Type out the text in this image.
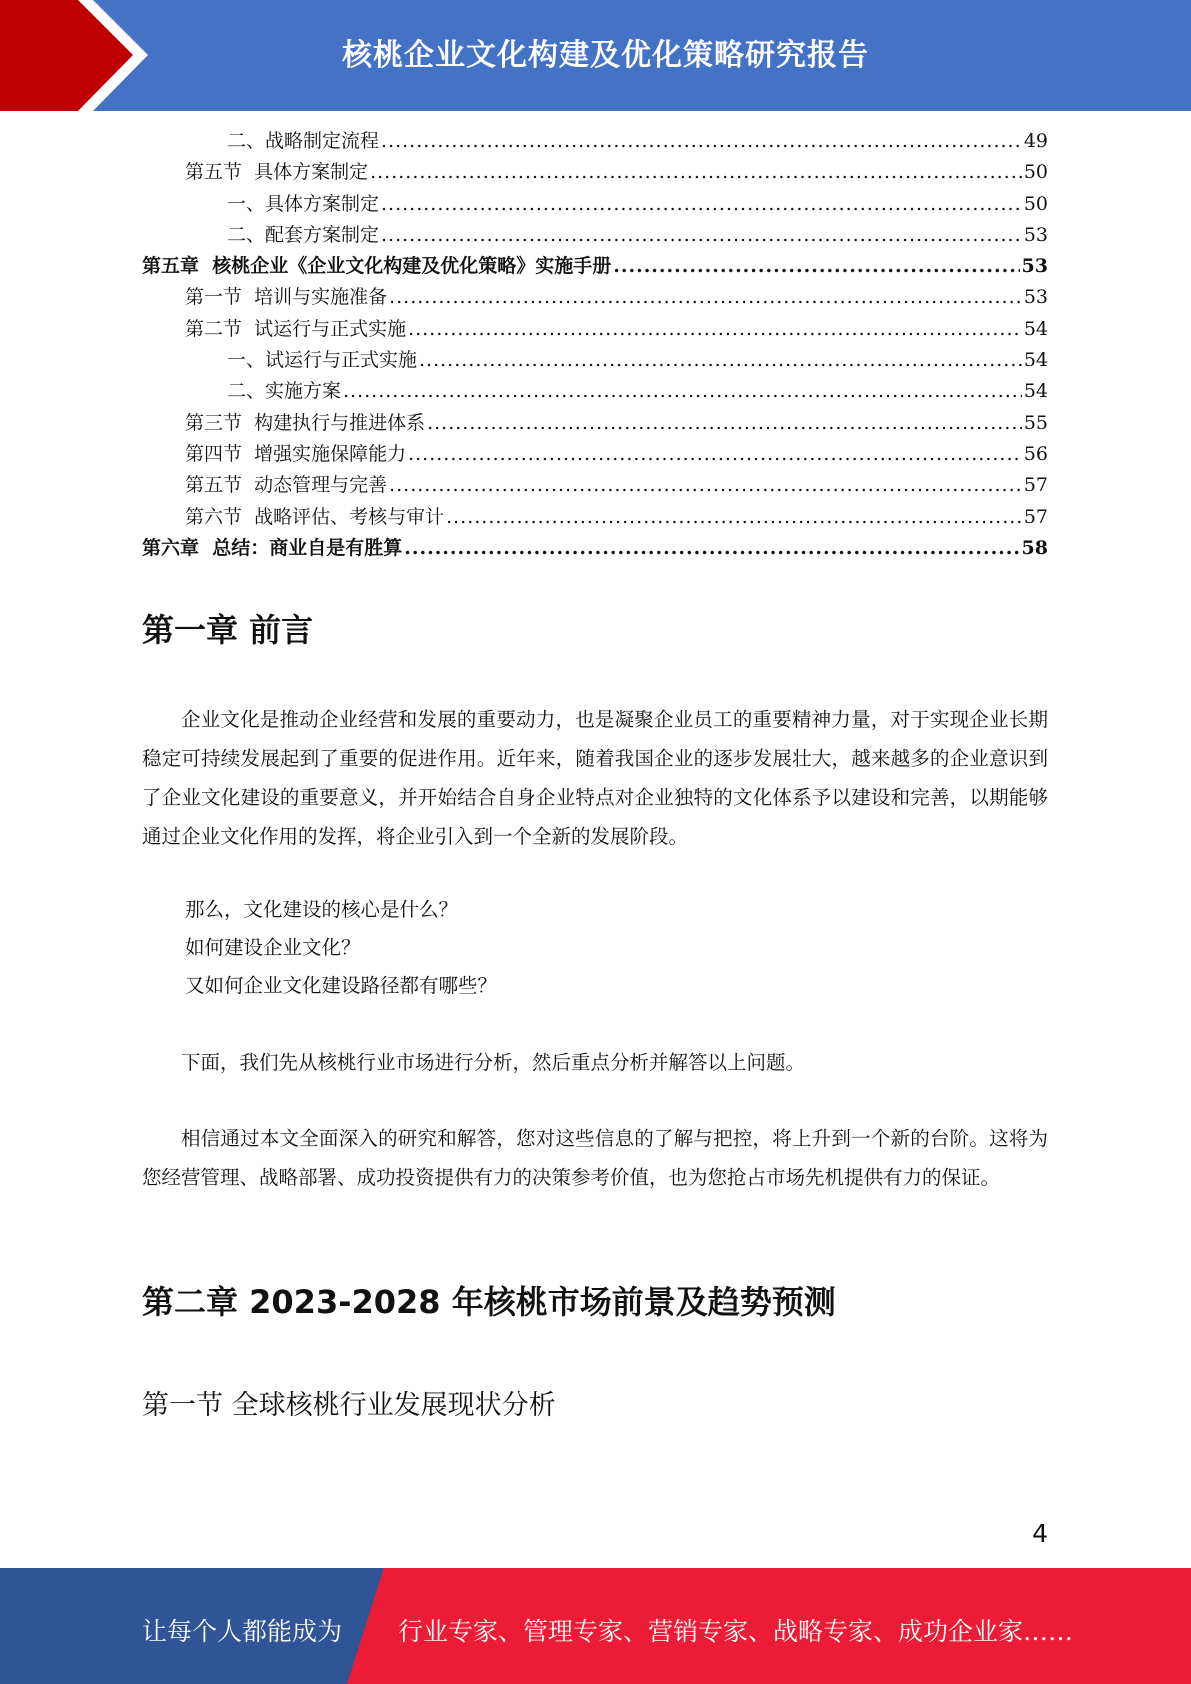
核桃企业文化构建及优化策略研究报告
二、战略制定流程 .....	49
第五节  具体方案制定 .....	50
一、具体方案制定 .....	50
二、配套方案制定 .....	53
第五章  核桃企业《企业文化构建及优化策略》实施手册 .....	53
第一节  培训与实施准备 .....	53
第二节  试运行与正式实施 .....	54
一、试运行与正式实施 .....	54
二、实施方案 .....	54
第三节  构建执行与推进体系 .....	55
第四节  增强实施保障能力 .....	56
第五节  动态管理与完善 .....	57
第六节  战略评估、考核与审计 .....	57
第六章  总结：商业自是有胜算 .....	58
第一章 前言
企业文化是推动企业经营和发展的重要动力，也是凝聚企业员工的重要精神力量，对于实现企业长期稳定可持续发展起到了重要的促进作用。近年来，随着我国企业的逐步发展壮大，越来越多的企业意识到了企业文化建设的重要意义，并开始结合自身企业特点对企业独特的文化体系予以建设和完善，以期能够通过企业文化作用的发挥，将企业引入到一个全新的发展阶段。
那么，文化建设的核心是什么？
如何建设企业文化？
又如何企业文化建设路径都有哪些？
下面，我们先从核桃行业市场进行分析，然后重点分析并解答以上问题。
相信通过本文全面深入的研究和解答，您对这些信息的了解与把控，将上升到一个新的台阶。这将为您经营管理、战略部署、成功投资提供有力的决策参考价值，也为您抢占市场先机提供有力的保证。
第二章 2023-2028 年核桃市场前景及趋势预测
第一节 全球核桃行业发展现状分析
4
让每个人都能成为 行业专家、管理专家、营销专家、战略专家、成功企业家……
